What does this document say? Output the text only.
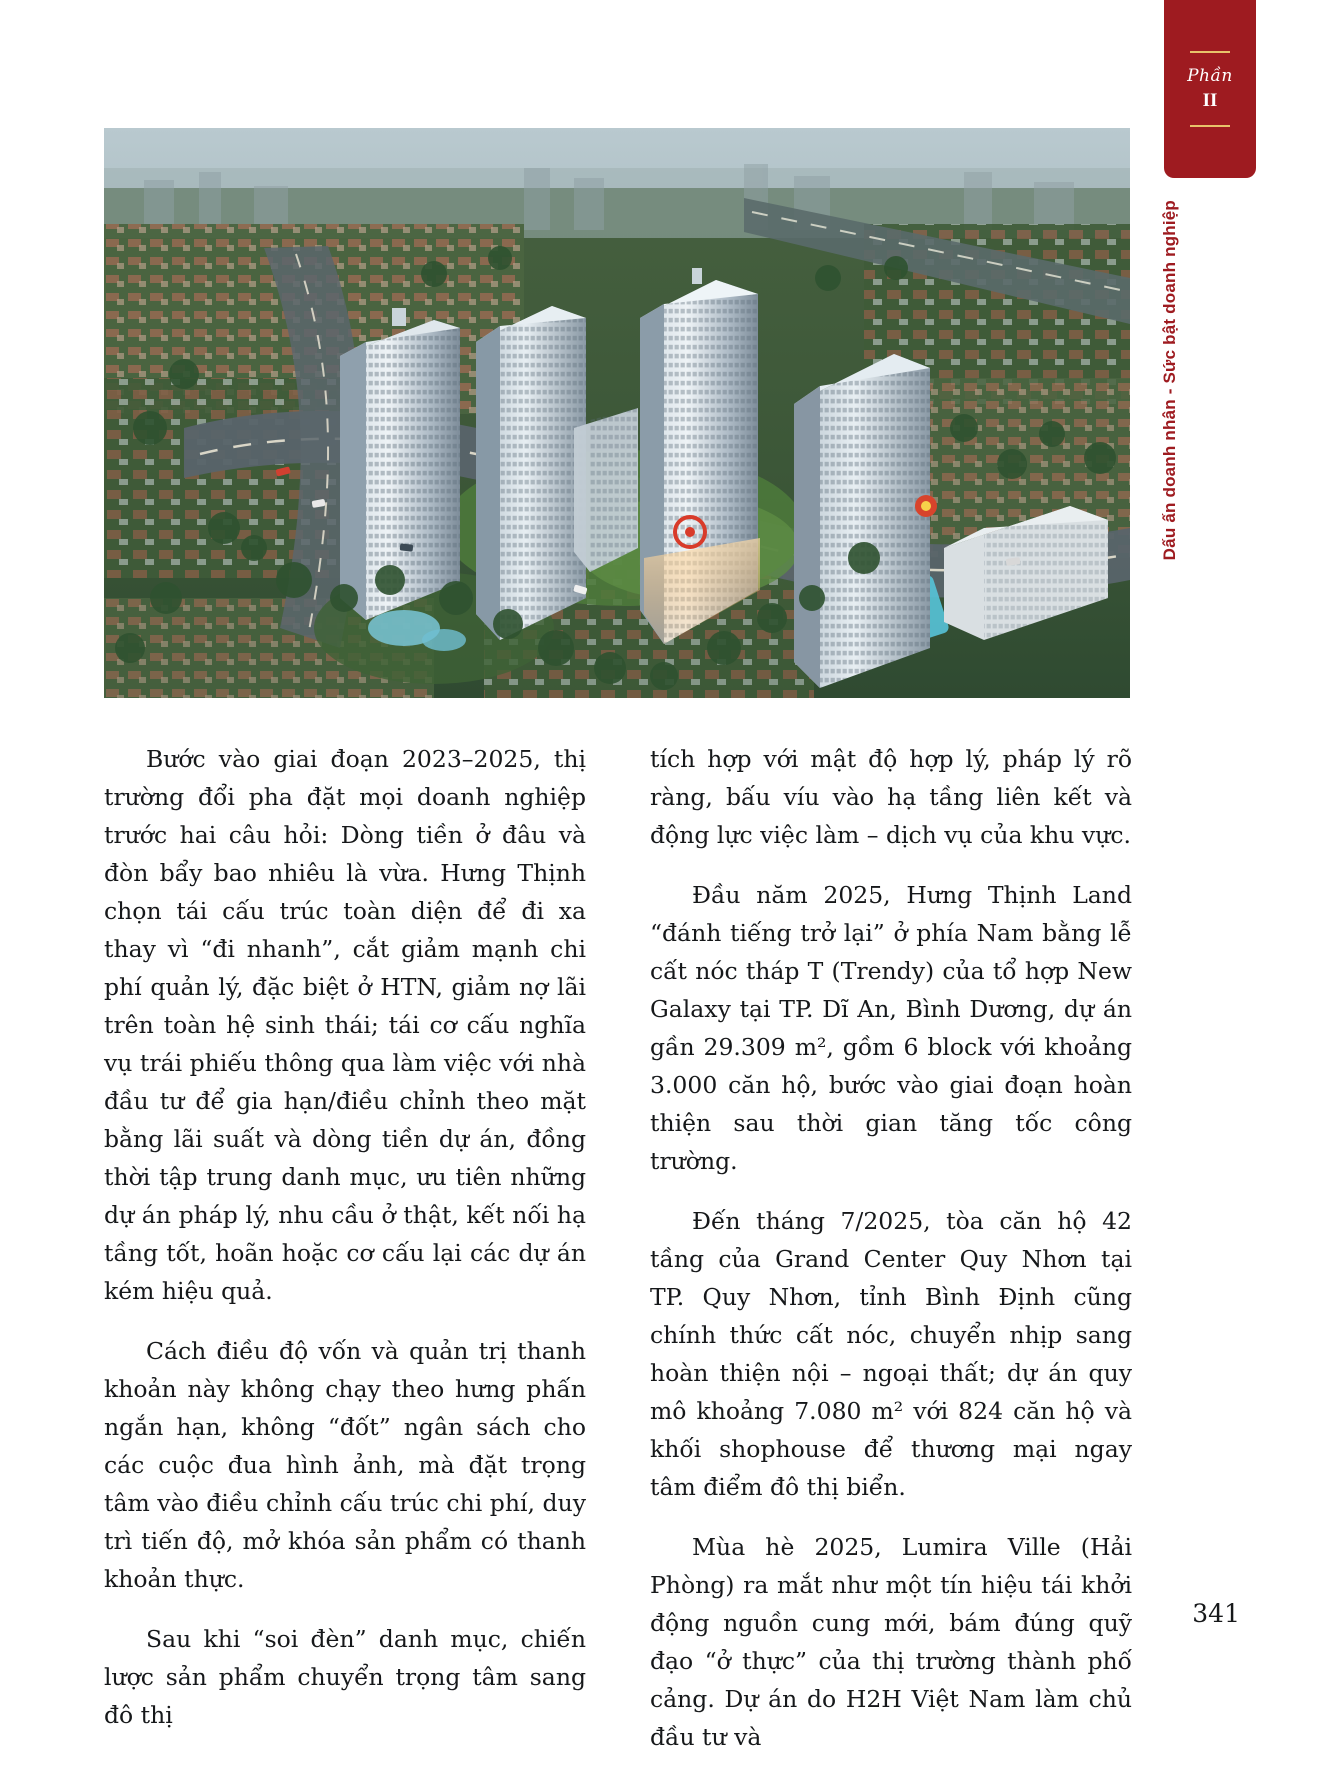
Phần
II
Dấu ấn doanh nhân - Sức bật doanh nghiệp

Bước vào giai đoạn 2023–2025, thị trường đổi pha đặt mọi doanh nghiệp trước hai câu hỏi: Dòng tiền ở đâu và đòn bẩy bao nhiêu là vừa. Hưng Thịnh chọn tái cấu trúc toàn diện để đi xa thay vì “đi nhanh”, cắt giảm mạnh chi phí quản lý, đặc biệt ở HTN, giảm nợ lãi trên toàn hệ sinh thái; tái cơ cấu nghĩa vụ trái phiếu thông qua làm việc với nhà đầu tư để gia hạn/điều chỉnh theo mặt bằng lãi suất và dòng tiền dự án, đồng thời tập trung danh mục, ưu tiên những dự án pháp lý, nhu cầu ở thật, kết nối hạ tầng tốt, hoãn hoặc cơ cấu lại các dự án kém hiệu quả.

Cách điều độ vốn và quản trị thanh khoản này không chạy theo hưng phấn ngắn hạn, không “đốt” ngân sách cho các cuộc đua hình ảnh, mà đặt trọng tâm vào điều chỉnh cấu trúc chi phí, duy trì tiến độ, mở khóa sản phẩm có thanh khoản thực.

Sau khi “soi đèn” danh mục, chiến lược sản phẩm chuyển trọng tâm sang đô thị

tích hợp với mật độ hợp lý, pháp lý rõ ràng, bấu víu vào hạ tầng liên kết và động lực việc làm – dịch vụ của khu vực.

Đầu năm 2025, Hưng Thịnh Land “đánh tiếng trở lại” ở phía Nam bằng lễ cất nóc tháp T (Trendy) của tổ hợp New Galaxy tại TP. Dĩ An, Bình Dương, dự án gần 29.309 m², gồm 6 block với khoảng 3.000 căn hộ, bước vào giai đoạn hoàn thiện sau thời gian tăng tốc công trường.

Đến tháng 7/2025, tòa căn hộ 42 tầng của Grand Center Quy Nhơn tại TP. Quy Nhơn, tỉnh Bình Định cũng chính thức cất nóc, chuyển nhịp sang hoàn thiện nội – ngoại thất; dự án quy mô khoảng 7.080 m² với 824 căn hộ và khối shophouse để thương mại ngay tâm điểm đô thị biển.

Mùa hè 2025, Lumira Ville (Hải Phòng) ra mắt như một tín hiệu tái khởi động nguồn cung mới, bám đúng quỹ đạo “ở thực” của thị trường thành phố cảng. Dự án do H2H Việt Nam làm chủ đầu tư và

341
